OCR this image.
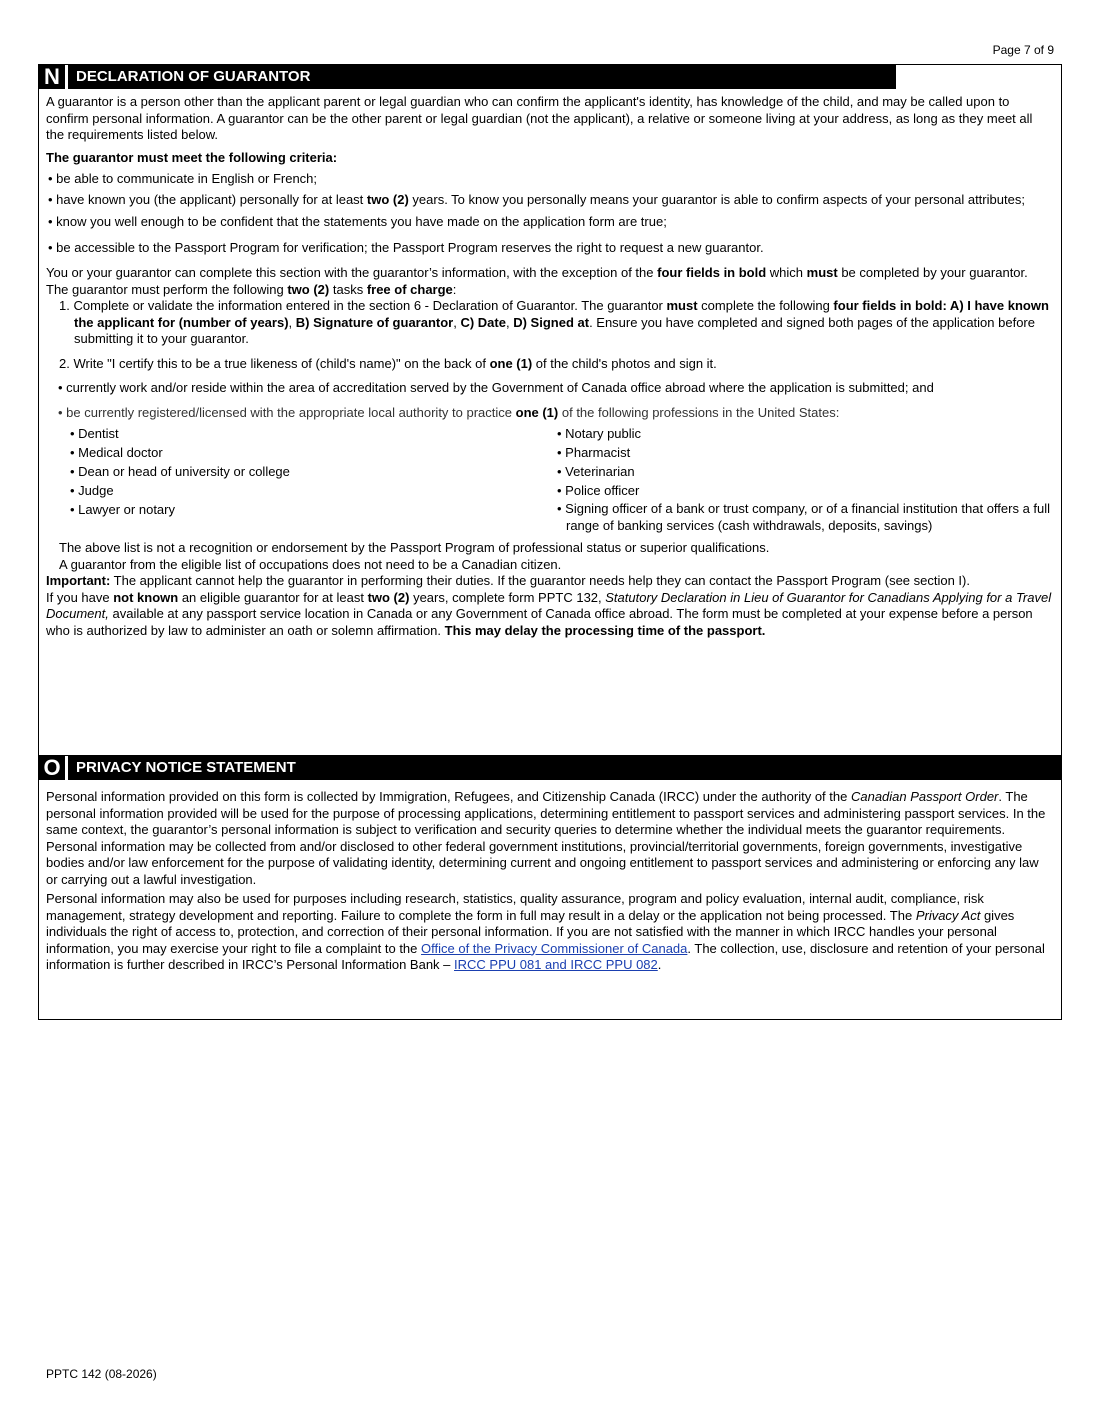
Page 7 of 9
N	DECLARATION OF GUARANTOR

A guarantor is a person other than the applicant parent or legal guardian who can confirm the applicant's identity, has knowledge of the child, and may be called upon to confirm personal information. A guarantor can be the other parent or legal guardian (not the applicant), a relative or someone living at your address, as long as they meet all the requirements listed below.

The guarantor must meet the following criteria:

• be able to communicate in English or French;

• have known you (the applicant) personally for at least two (2) years. To know you personally means your guarantor is able to confirm aspects of your personal attributes;

• know you well enough to be confident that the statements you have made on the application form are true;

• be accessible to the Passport Program for verification; the Passport Program reserves the right to request a new guarantor.

You or your guarantor can complete this section with the guarantor’s information, with the exception of the four fields in bold which must be completed by your guarantor.

The guarantor must perform the following two (2) tasks free of charge:

1. Complete or validate the information entered in the section 6 - Declaration of Guarantor. The guarantor must complete the following four fields in bold: A) I have known the applicant for (number of years), B) Signature of guarantor, C) Date, D) Signed at. Ensure you have completed and signed both pages of the application before submitting it to your guarantor.

2. Write "I certify this to be a true likeness of (child's name)" on the back of one (1) of the child's photos and sign it.

• currently work and/or reside within the area of accreditation served by the Government of Canada office abroad where the application is submitted; and

• be currently registered/licensed with the appropriate local authority to practice one (1) of the following professions in the United States:

• Dentist
• Medical doctor
• Dean or head of university or college
• Judge
• Lawyer or notary
• Notary public
• Pharmacist
• Veterinarian
• Police officer
• Signing officer of a bank or trust company, or of a financial institution that offers a full range of banking services (cash withdrawals, deposits, savings)

The above list is not a recognition or endorsement by the Passport Program of professional status or superior qualifications.

A guarantor from the eligible list of occupations does not need to be a Canadian citizen.

Important: The applicant cannot help the guarantor in performing their duties. If the guarantor needs help they can contact the Passport Program (see section I).

If you have not known an eligible guarantor for at least two (2) years, complete form PPTC 132, Statutory Declaration in Lieu of Guarantor for Canadians Applying for a Travel Document, available at any passport service location in Canada or any Government of Canada office abroad. The form must be completed at your expense before a person who is authorized by law to administer an oath or solemn affirmation. This may delay the processing time of the passport.

O	PRIVACY NOTICE STATEMENT

Personal information provided on this form is collected by Immigration, Refugees, and Citizenship Canada (IRCC) under the authority of the Canadian Passport Order. The personal information provided will be used for the purpose of processing applications, determining entitlement to passport services and administering passport services. In the same context, the guarantor’s personal information is subject to verification and security queries to determine whether the individual meets the guarantor requirements. Personal information may be collected from and/or disclosed to other federal government institutions, provincial/territorial governments, foreign governments, investigative bodies and/or law enforcement for the purpose of validating identity, determining current and ongoing entitlement to passport services and administering or enforcing any law or carrying out a lawful investigation.

Personal information may also be used for purposes including research, statistics, quality assurance, program and policy evaluation, internal audit, compliance, risk management, strategy development and reporting. Failure to complete the form in full may result in a delay or the application not being processed. The Privacy Act gives individuals the right of access to, protection, and correction of their personal information. If you are not satisfied with the manner in which IRCC handles your personal information, you may exercise your right to file a complaint to the Office of the Privacy Commissioner of Canada. The collection, use, disclosure and retention of your personal information is further described in IRCC’s Personal Information Bank – IRCC PPU 081 and IRCC PPU 082.

PPTC 142 (08-2026)
